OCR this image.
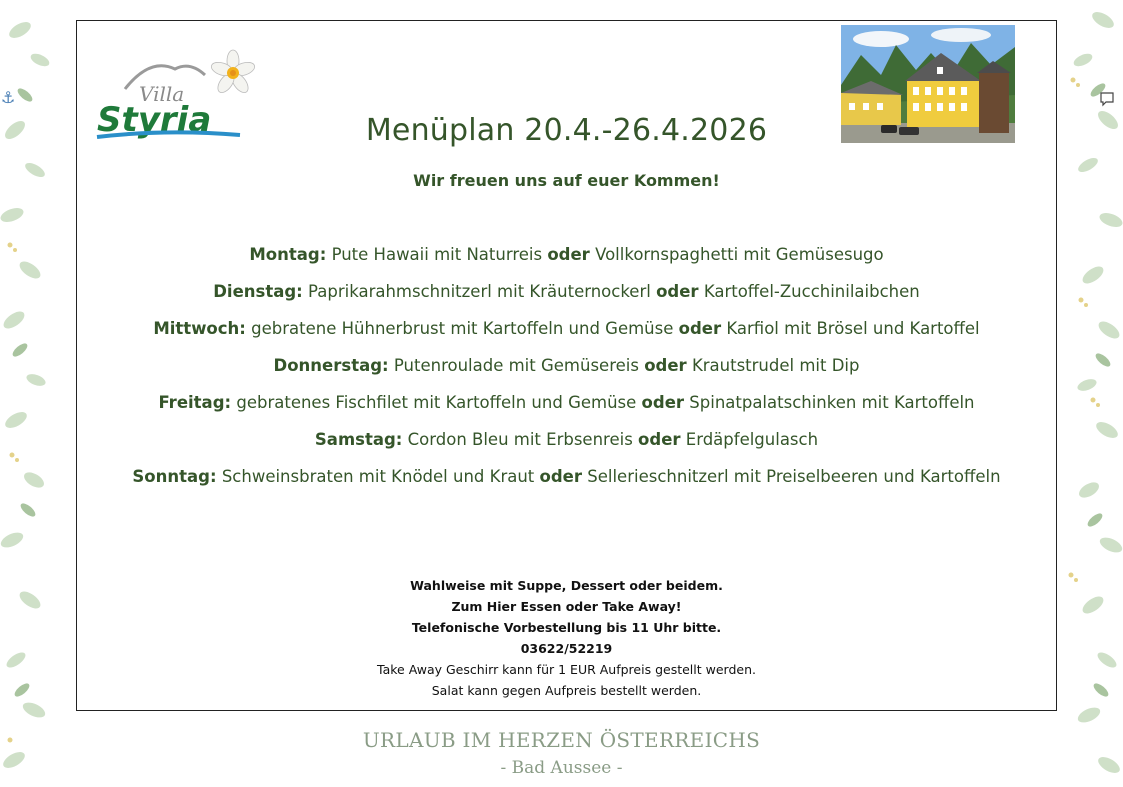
⚓	Villa
Styria	Menüplan 20.4.-26.4.2026
Wir freuen uns auf euer Kommen!
Montag: Pute Hawaii mit Naturreis oder Vollkornspaghetti mit Gemüsesugo
Dienstag: Paprikarahmschnitzerl mit Kräuternockerl oder Kartoffel-Zucchinilaibchen
Mittwoch: gebratene Hühnerbrust mit Kartoffeln und Gemüse oder Karfiol mit Brösel und Kartoffel
Donnerstag: Putenroulade mit Gemüsereis oder Krautstrudel mit Dip
Freitag: gebratenes Fischfilet mit Kartoffeln und Gemüse oder Spinatpalatschinken mit Kartoffeln
Samstag: Cordon Bleu mit Erbsenreis oder Erdäpfelgulasch
Sonntag: Schweinsbraten mit Knödel und Kraut oder Sellerieschnitzerl mit Preiselbeeren und Kartoffeln
Wahlweise mit Suppe, Dessert oder beidem.
Zum Hier Essen oder Take Away!
Telefonische Vorbestellung bis 11 Uhr bitte.
03622/52219
Take Away Geschirr kann für 1 EUR Aufpreis gestellt werden.
Salat kann gegen Aufpreis bestellt werden.
URLAUB IM HERZEN ÖSTERREICHS
- Bad Aussee -
